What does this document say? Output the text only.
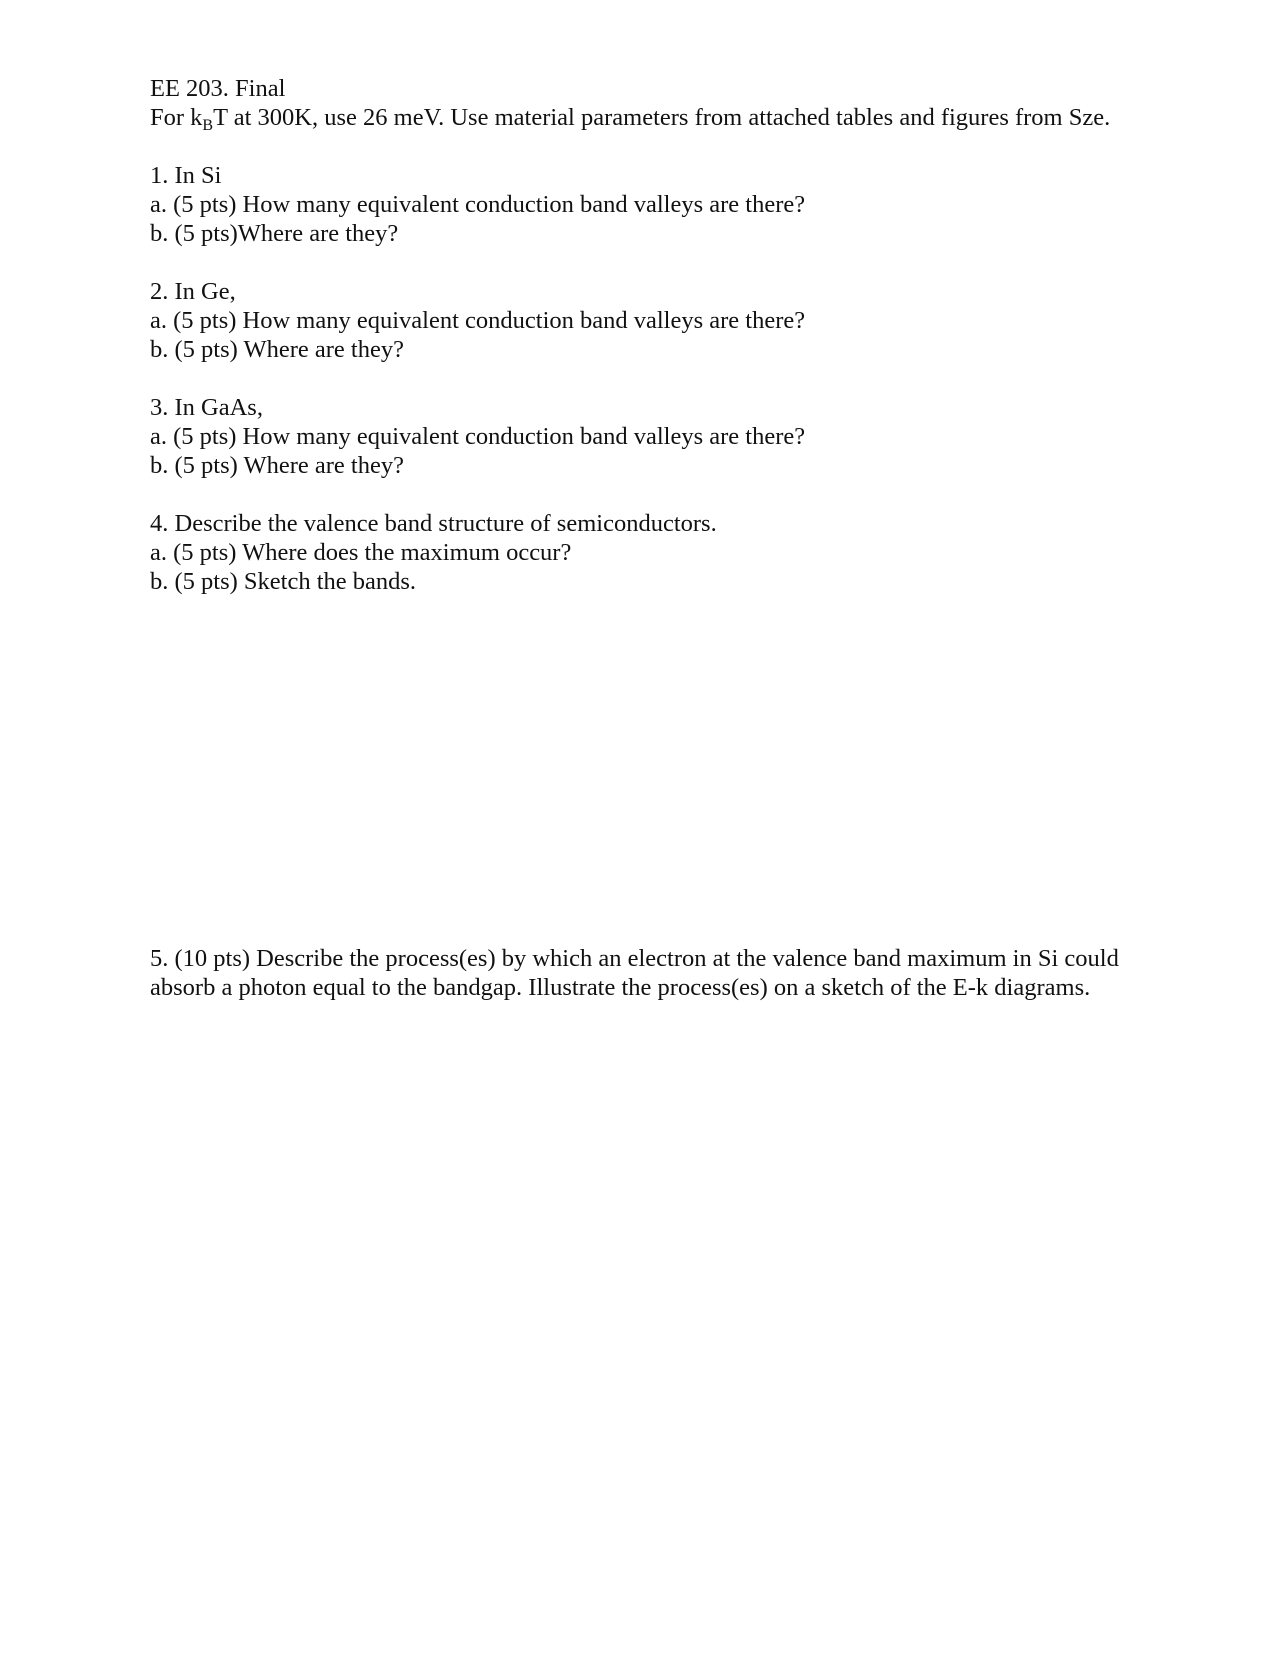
EE 203. Final
For $k_BT$ at 300K, use 26 meV. Use material parameters from attached tables and figures from Sze.
1. In Si
a. (5 pts) How many equivalent conduction band valleys are there?
b. (5 pts)Where are they?
2. In Ge,
a. (5 pts) How many equivalent conduction band valleys are there?
b. (5 pts) Where are they?
3. In GaAs,
a. (5 pts) How many equivalent conduction band valleys are there?
b. (5 pts) Where are they?
4. Describe the valence band structure of semiconductors.
a. (5 pts) Where does the maximum occur?
b. (5 pts) Sketch the bands.
5. (10 pts) Describe the process(es) by which an electron at the valence band maximum in Si could absorb a photon equal to the bandgap. Illustrate the process(es) on a sketch of the E-k diagrams.
